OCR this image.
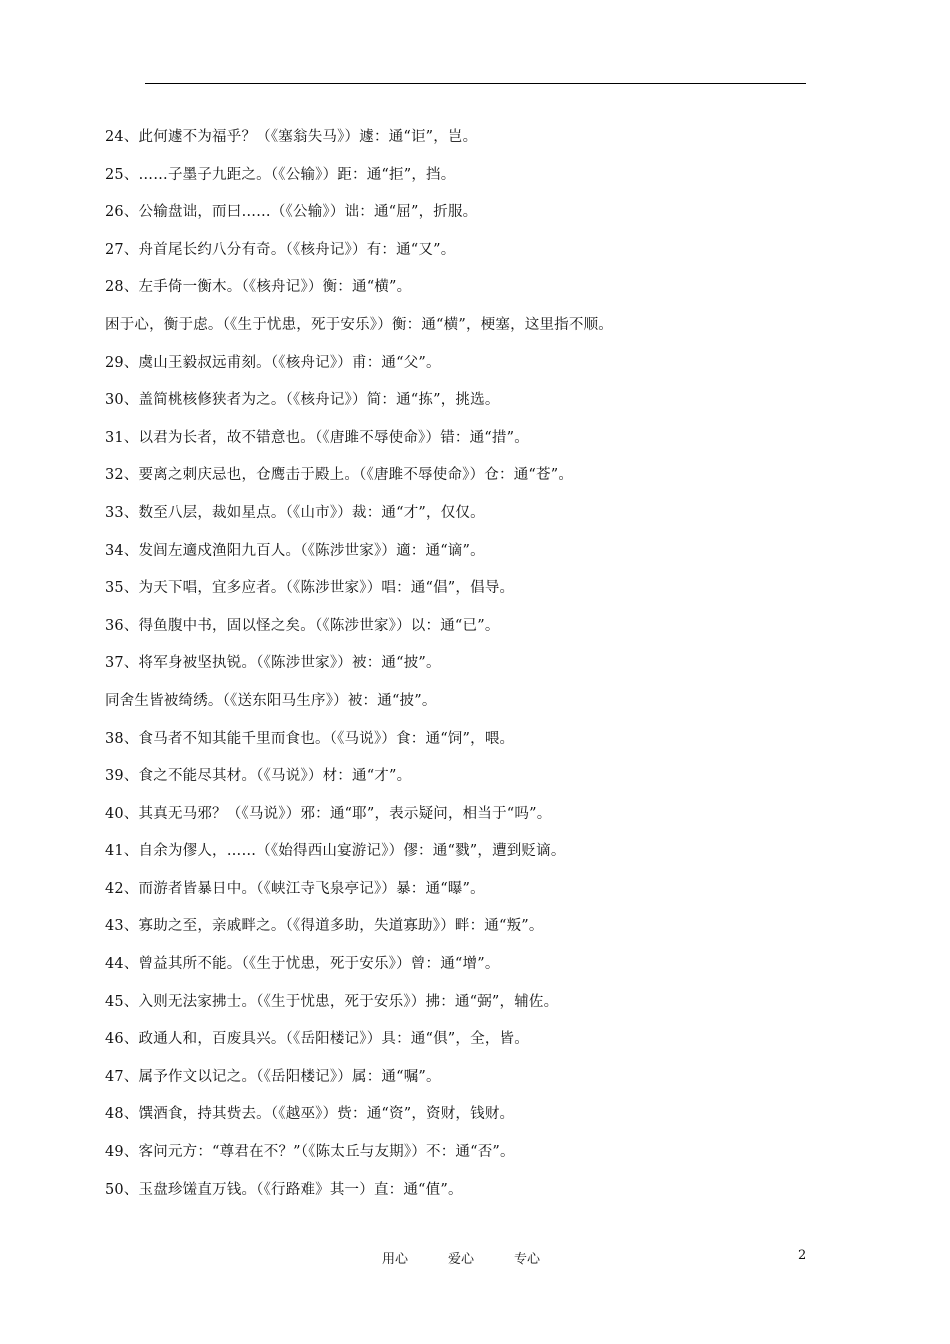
24、此何遽不为福乎？（《塞翁失马》）遽：通“讵”，岂。
25、……子墨子九距之。（《公输》）距：通“拒”，挡。
26、公输盘诎，而曰……（《公输》）诎：通“屈”，折服。
27、舟首尾长约八分有奇。（《核舟记》）有：通“又”。
28、左手倚一衡木。（《核舟记》）衡：通“横”。
困于心，衡于虑。（《生于忧患，死于安乐》）衡：通“横”，梗塞，这里指不顺。
29、虞山王毅叔远甫刻。（《核舟记》）甫：通“父”。
30、盖简桃核修狭者为之。（《核舟记》）简：通“拣”，挑选。
31、以君为长者，故不错意也。（《唐雎不辱使命》）错：通“措”。
32、要离之刺庆忌也，仓鹰击于殿上。（《唐雎不辱使命》）仓：通“苍”。
33、数至八层，裁如星点。（《山市》）裁：通“才”，仅仅。
34、发闾左適戍渔阳九百人。（《陈涉世家》）適：通“谪”。
35、为天下唱，宜多应者。（《陈涉世家》）唱：通“倡”，倡导。
36、得鱼腹中书，固以怪之矣。（《陈涉世家》）以：通“已”。
37、将军身被坚执锐。（《陈涉世家》）被：通“披”。
同舍生皆被绮绣。（《送东阳马生序》）被：通“披”。
38、食马者不知其能千里而食也。（《马说》）食：通“饲”，喂。
39、食之不能尽其材。（《马说》）材：通“才”。
40、其真无马邪？（《马说》）邪：通“耶”，表示疑问，相当于“吗”。
41、自余为僇人，……（《始得西山宴游记》）僇：通“戮”，遭到贬谪。
42、而游者皆暴日中。（《峡江寺飞泉亭记》）暴：通“曝”。
43、寡助之至，亲戚畔之。（《得道多助，失道寡助》）畔：通“叛”。
44、曾益其所不能。（《生于忧患，死于安乐》）曾：通“增”。
45、入则无法家拂士。（《生于忧患，死于安乐》）拂：通“弼”，辅佐。
46、政通人和，百废具兴。（《岳阳楼记》）具：通“俱”，全，皆。
47、属予作文以记之。（《岳阳楼记》）属：通“嘱”。
48、馔酒食，持其赀去。（《越巫》）赀：通“资”，资财，钱财。
49、客问元方：“尊君在不？”（《陈太丘与友期》）不：通“否”。
50、玉盘珍馐直万钱。（《行路难》其一）直：通“值”。
用心	爱心	专心	2
